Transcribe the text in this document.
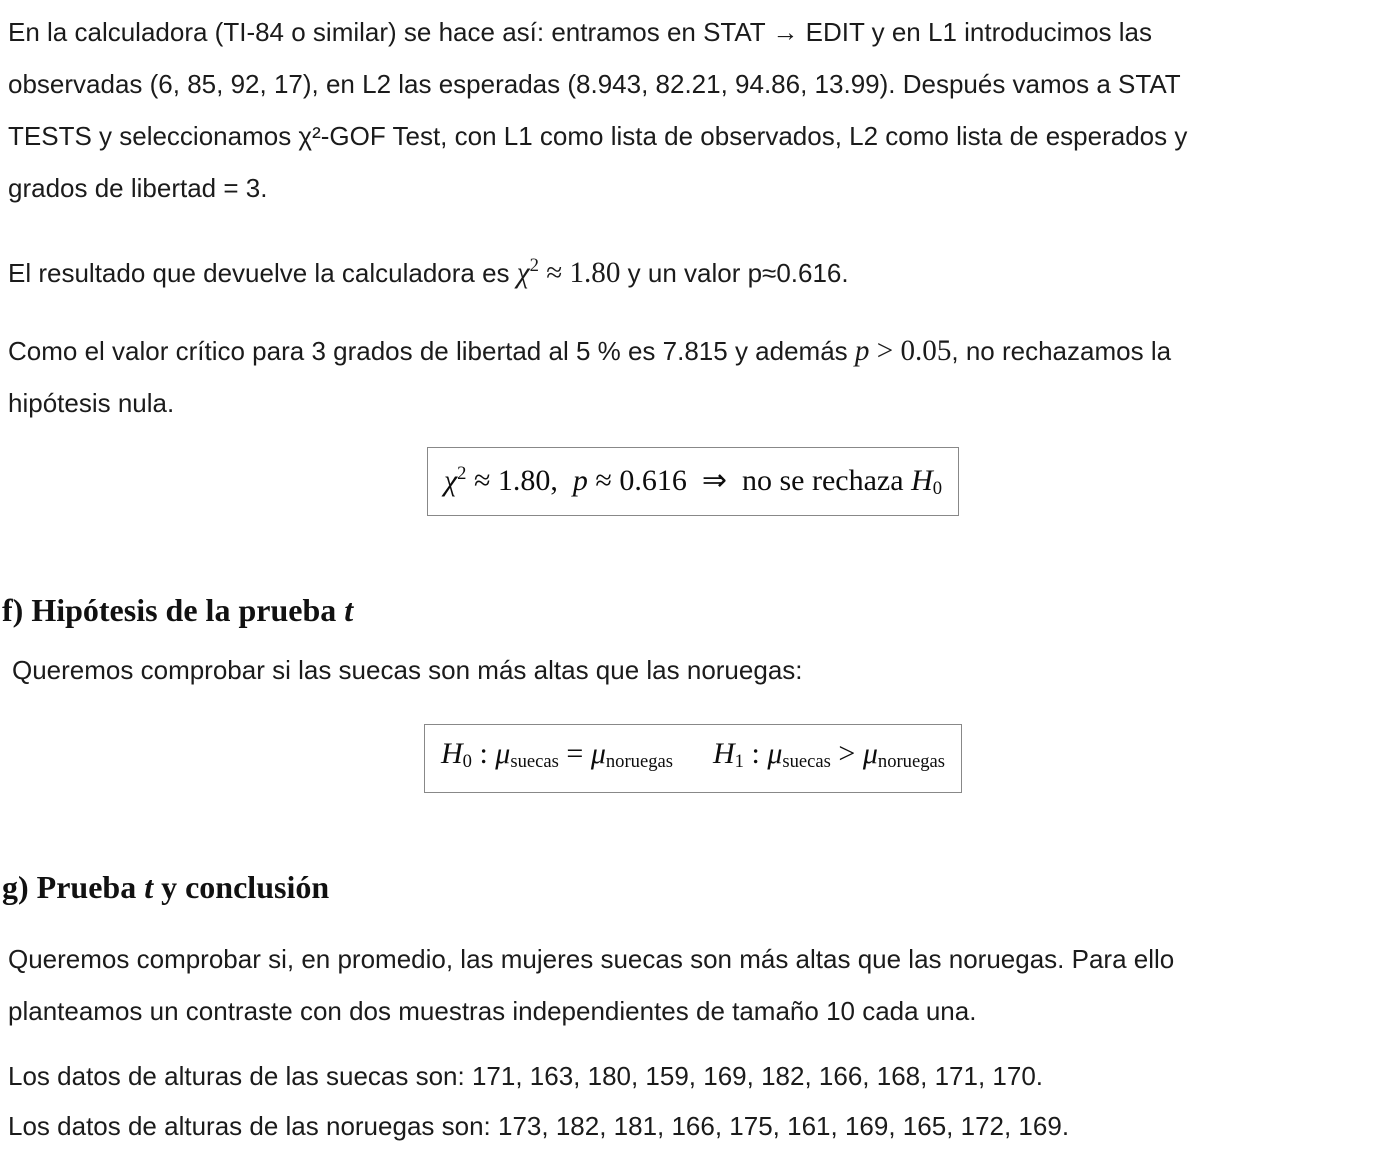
En la calculadora (TI-84 o similar) se hace así: entramos en STAT → EDIT y en L1 introducimos las
observadas (6, 85, 92, 17), en L2 las esperadas (8.943, 82.21, 94.86, 13.99). Después vamos a STAT
TESTS y seleccionamos χ²-GOF Test, con L1 como lista de observados, L2 como lista de esperados y
grados de libertad = 3.
El resultado que devuelve la calculadora es $\chi^2 \approx 1.80$ y un valor p≈0.616.
Como el valor crítico para 3 grados de libertad al 5 % es 7.815 y además p > 0.05, no rechazamos la
hipótesis nula.
$\chi^2 \approx 1.80$,  p ≈ 0.616  ⇒  no se rechaza H0
f) Hipótesis de la prueba t
Queremos comprobar si las suecas son más altas que las noruegas:
H0 : μsuecas = μnoruegas H1 : μsuecas > μnoruegas
g) Prueba t y conclusión
Queremos comprobar si, en promedio, las mujeres suecas son más altas que las noruegas. Para ello
planteamos un contraste con dos muestras independientes de tamaño 10 cada una.
Los datos de alturas de las suecas son: 171, 163, 180, 159, 169, 182, 166, 168, 171, 170.
Los datos de alturas de las noruegas son: 173, 182, 181, 166, 175, 161, 169, 165, 172, 169.
